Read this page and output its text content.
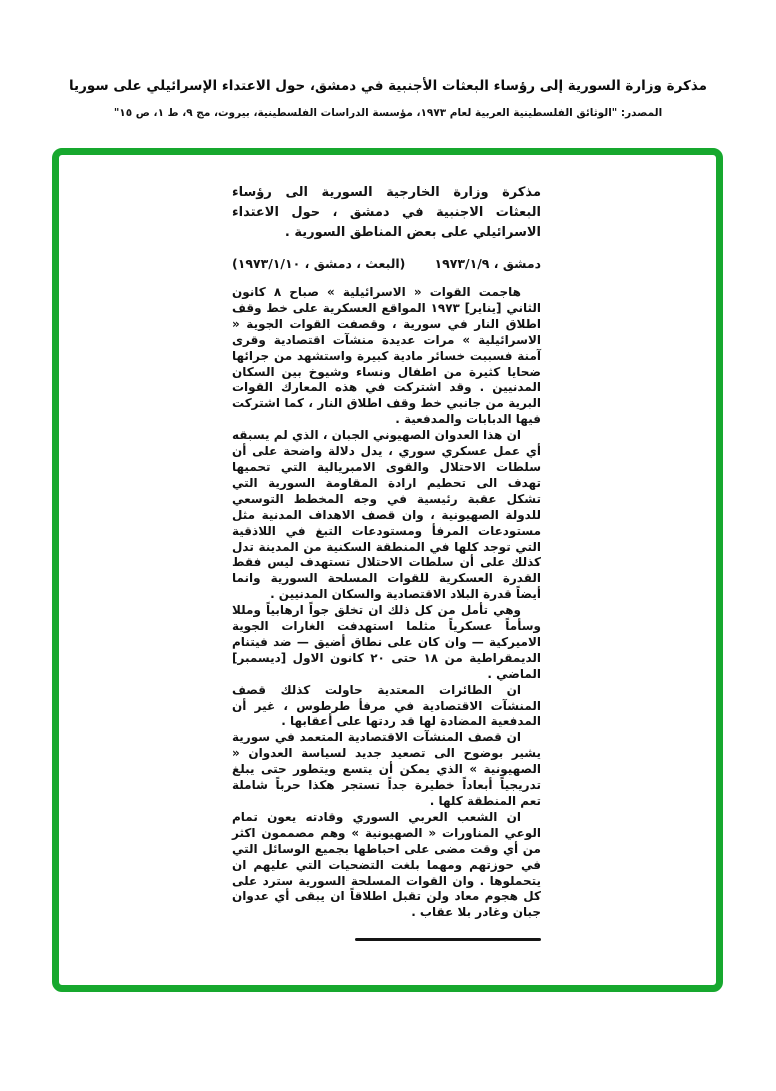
مذكرة وزارة السورية إلى رؤساء البعثات الأجنبية في دمشق، حول الاعتداء الإسرائيلي على سوريا
المصدر: "الوثائق الفلسطينية العربية لعام ١٩٧٣، مؤسسة الدراسات الفلسطينية، بيروت، مج ٩، ط ١، ص ١٥"
مذكرة وزارة الخارجية السورية الى رؤساء البعثات الاجنبية في دمشق ، حول الاعتداء الاسرائيلي على بعض المناطق السورية .
دمشق ، ١٩٧٣/١/٩
(البعث ، دمشق ، ١٩٧٣/١/١٠)

هاجمت القوات « الاسرائيلية » صباح ٨ كانون الثاني [يناير] ١٩٧٣ المواقع العسكرية على خط وقف اطلاق النار في سورية ، وقصفت القوات الجوية « الاسرائيلية » مرات عديدة منشآت اقتصادية وقرى آمنة فسببت خسائر مادية كبيرة واستشهد من جرائها ضحايا كثيرة من اطفال ونساء وشيوخ بين السكان المدنيين . وقد اشتركت في هذه المعارك القوات البرية من جانبي خط وقف اطلاق النار ، كما اشتركت فيها الدبابات والمدفعية .

ان هذا العدوان الصهيوني الجبان ، الذي لم يسبقه أي عمل عسكري سوري ، يدل دلالة واضحة على أن سلطات الاحتلال والقوى الامبريالية التي تحميها تهدف الى تحطيم ارادة المقاومة السورية التي تشكل عقبة رئيسية في وجه المخطط التوسعي للدولة الصهيونية ، وان قصف الاهداف المدنية مثل مستودعات المرفأ ومستودعات التبغ في اللاذقية التي توجد كلها في المنطقة السكنية من المدينة تدل كذلك على أن سلطات الاحتلال تستهدف ليس فقط القدرة العسكرية للقوات المسلحة السورية وانما أيضاً قدرة البلاد الاقتصادية والسكان المدنيين .

وهي تأمل من كل ذلك ان تخلق جواً ارهابياً ومللا وسأماً عسكرياً مثلما استهدفت الغارات الجوية الاميركية — وان كان على نطاق أضيق — ضد فيتنام الديمقراطية من ١٨ حتى ٢٠ كانون الاول [ديسمبر] الماضي .

ان الطائرات المعتدية حاولت كذلك قصف المنشآت الاقتصادية في مرفأ طرطوس ، غير أن المدفعية المضادة لها قد ردتها على أعقابها .

ان قصف المنشآت الاقتصادية المتعمد في سورية يشير بوضوح الى تصعيد جديد لسياسة العدوان « الصهيونية » الذي يمكن أن يتسع ويتطور حتى يبلغ تدريجياً أبعاداً خطيرة جداً تستجر هكذا حرباً شاملة تعم المنطقة كلها .

ان الشعب العربي السوري وقادته يعون تمام الوعي المناورات « الصهيونية » وهم مصممون اكثر من أي وقت مضى على احباطها بجميع الوسائل التي في حوزتهم ومهما بلغت التضحيات التي عليهم ان يتحملوها . وان القوات المسلحة السورية سترد على كل هجوم معاد ولن تقبل اطلاقاً ان يبقى أي عدوان جبان وغادر بلا عقاب .
